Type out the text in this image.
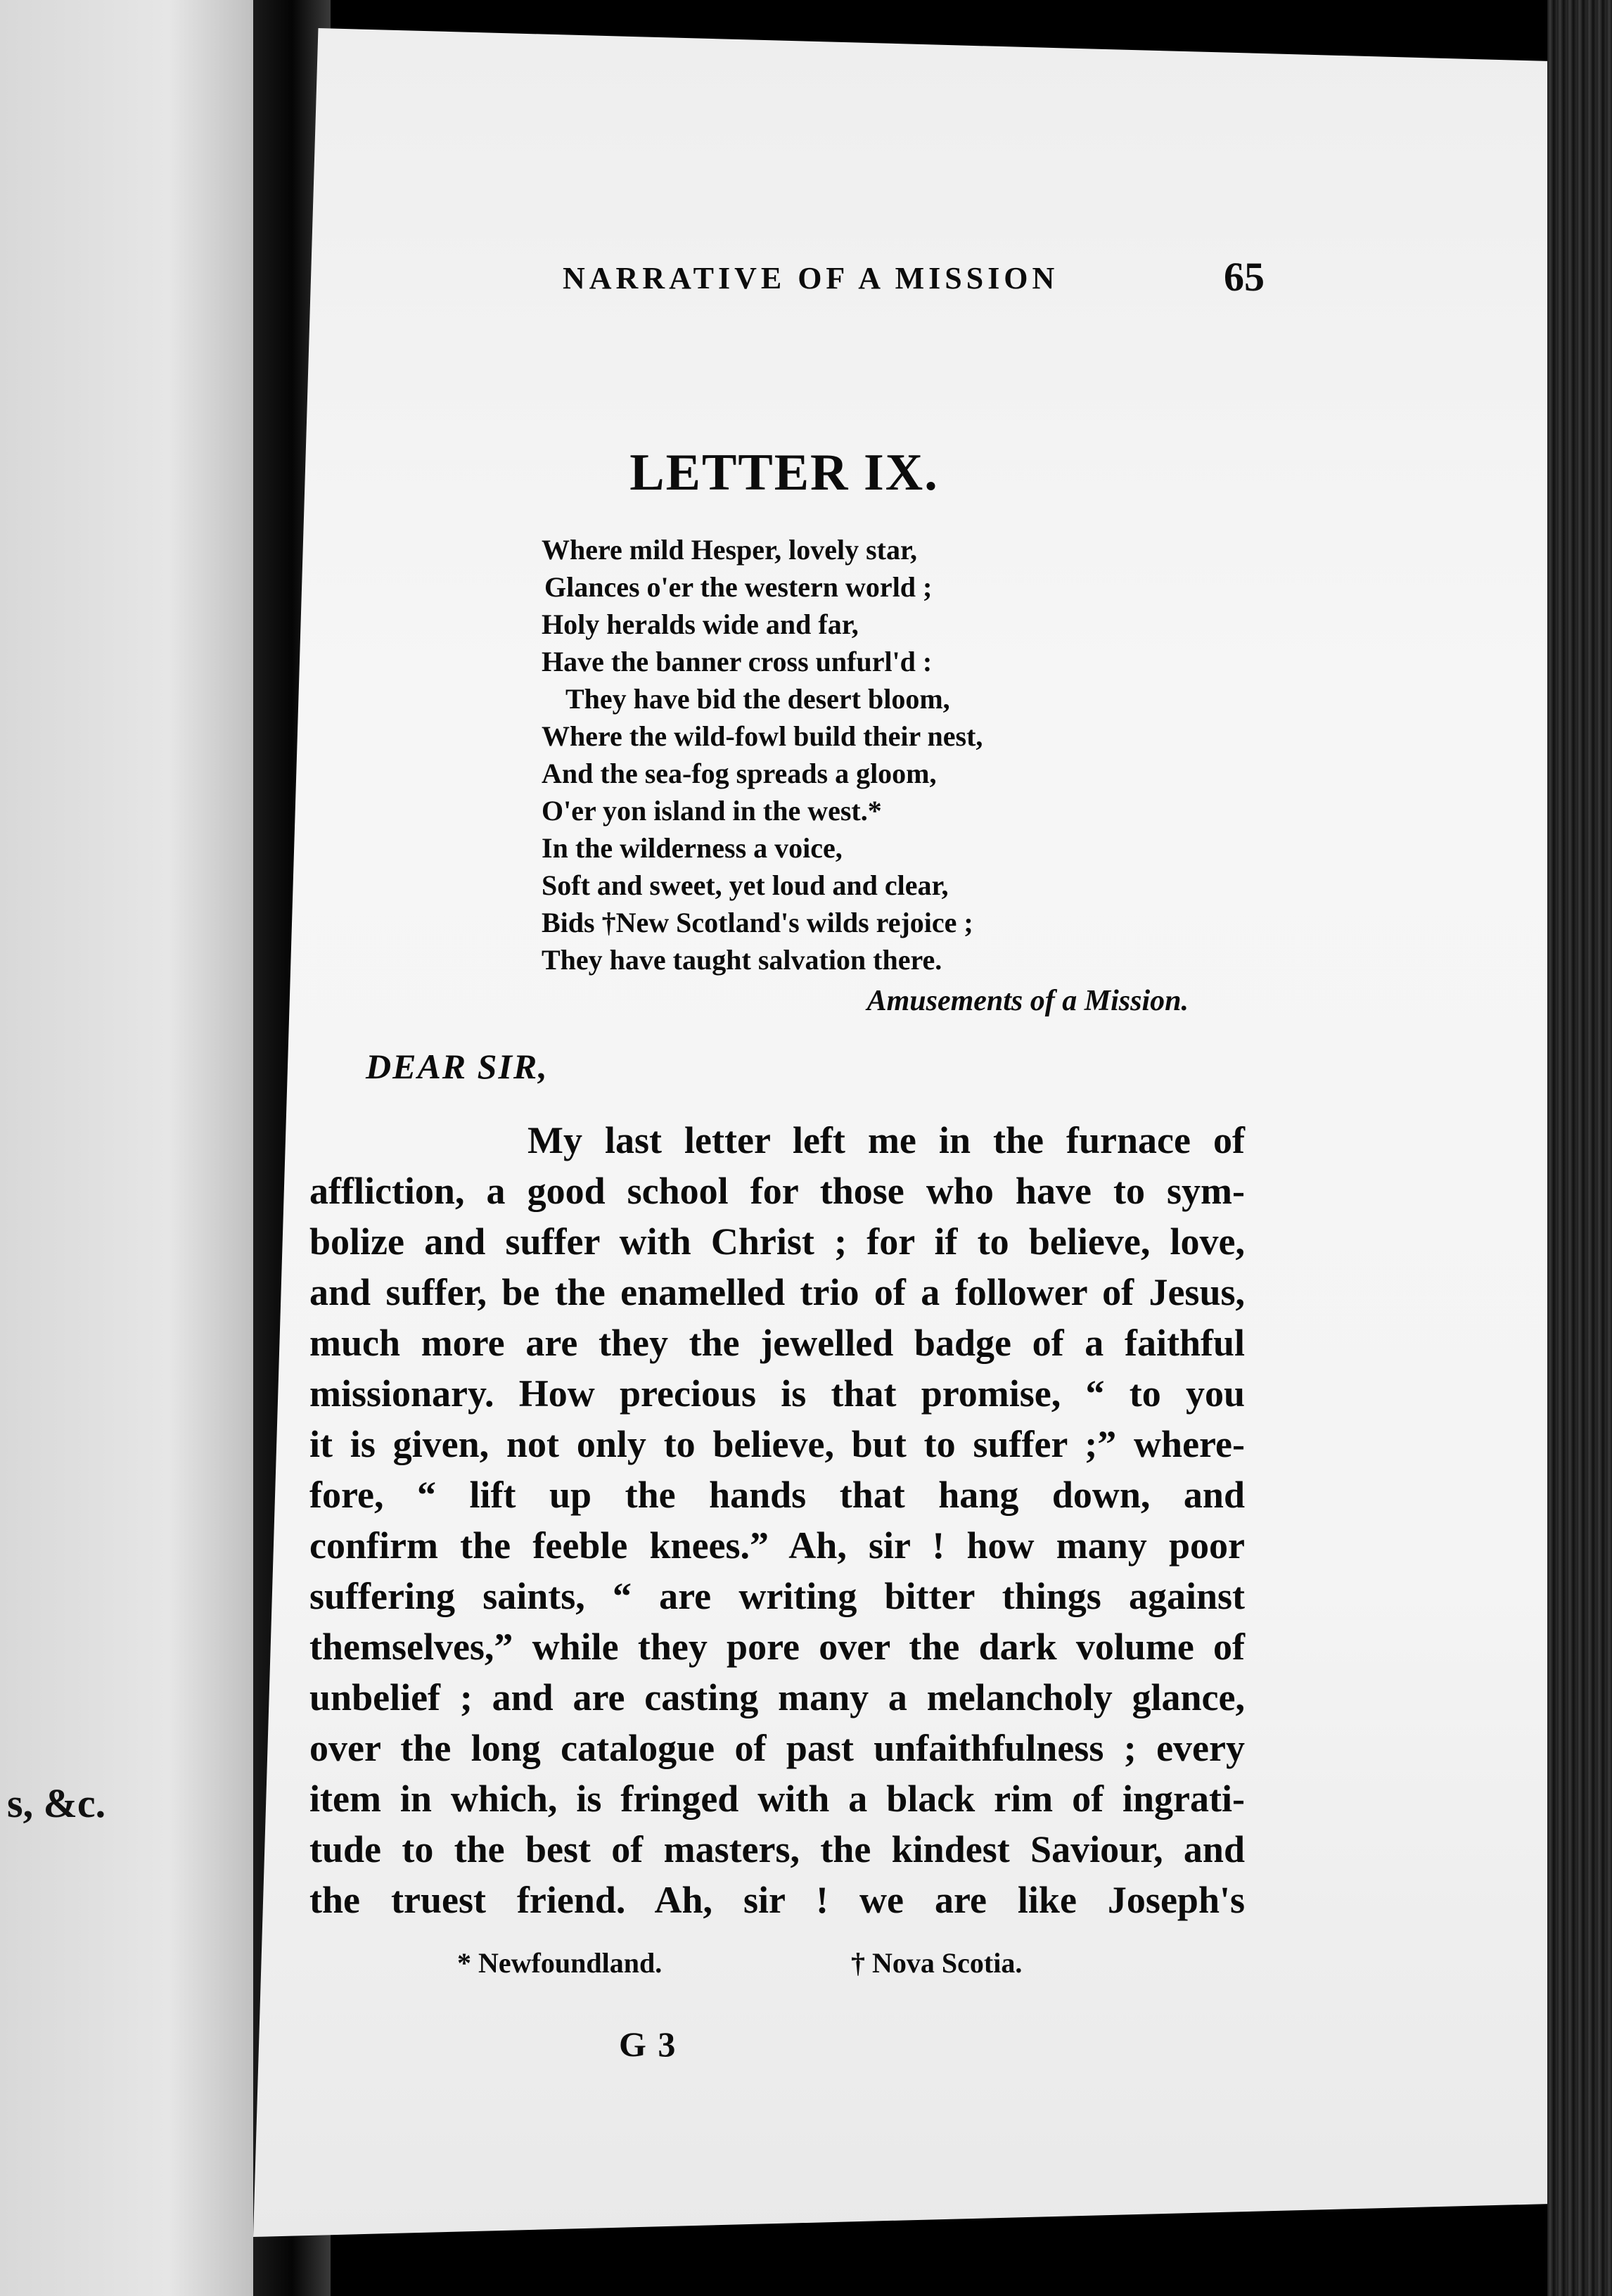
s, &c.
NARRATIVE OF A MISSION	65
LETTER IX.
Where mild Hesper, lovely star,
Glances o'er the western world ;
Holy heralds wide and far,
Have the banner cross unfurl'd :
They have bid the desert bloom,
Where the wild-fowl build their nest,
And the sea-fog spreads a gloom,
O'er yon island in the west.*
In the wilderness a voice,
Soft and sweet, yet loud and clear,
Bids †New Scotland's wilds rejoice ;
They have taught salvation there.
Amusements of a Mission.
DEAR SIR,
My last letter left me in the furnace of
affliction, a good school for those who have to sym-
bolize and suffer with Christ ; for if to believe, love,
and suffer, be the enamelled trio of a follower of Jesus,
much more are they the jewelled badge of a faithful
missionary. How precious is that promise, “ to you
it is given, not only to believe, but to suffer ;” where-
fore, “ lift up the hands that hang down, and
confirm the feeble knees.” Ah, sir ! how many poor
suffering saints, “ are writing bitter things against
themselves,” while they pore over the dark volume of
unbelief ; and are casting many a melancholy glance,
over the long catalogue of past unfaithfulness ; every
item in which, is fringed with a black rim of ingrati-
tude to the best of masters, the kindest Saviour, and
the truest friend. Ah, sir ! we are like Joseph's
* Newfoundland.	† Nova Scotia.
G 3
